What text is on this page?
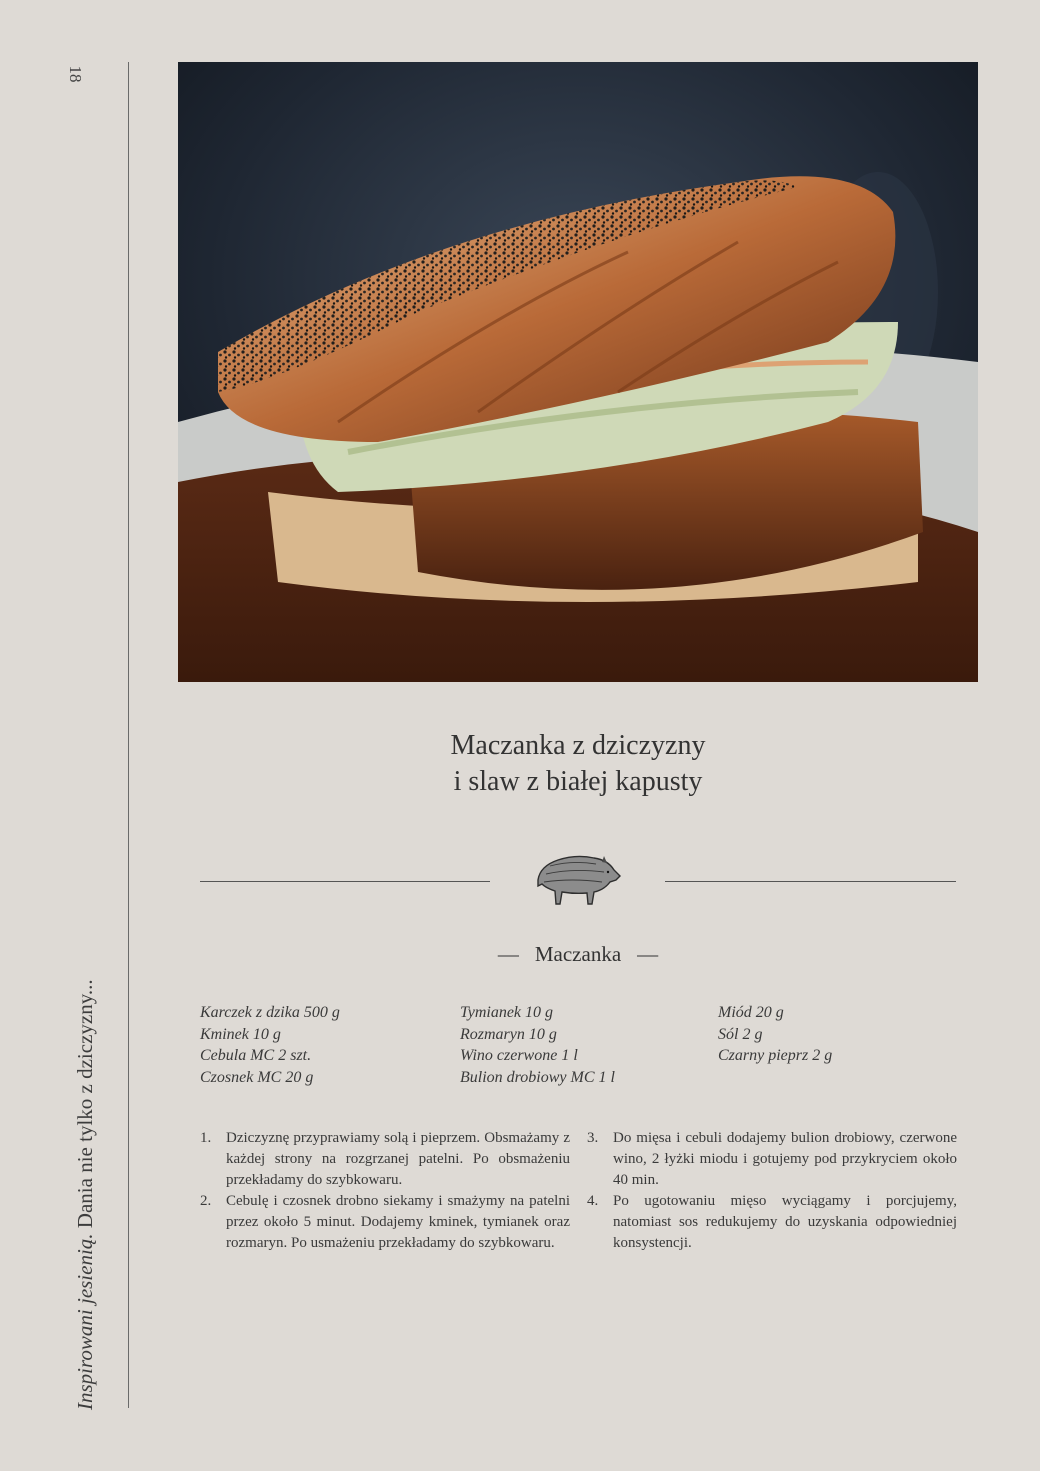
18
Inspirowani jesienią. Dania nie tylko z dziczyzny...
Maczanka z dziczyzny
i slaw z białej kapusty
— Maczanka —
Karczek z dzika 500 g
Kminek 10 g
Cebula MC 2 szt.
Czosnek MC 20 g
Tymianek 10 g
Rozmaryn 10 g
Wino czerwone 1 l
Bulion drobiowy MC 1 l
Miód 20 g
Sól 2 g
Czarny pieprz 2 g
1. Dziczyznę przyprawiamy solą i pieprzem. Obsmażamy z każdej strony na rozgrzanej patelni. Po obsmażeniu przekładamy do szybkowaru.
2. Cebulę i czosnek drobno siekamy i smażymy na patelni przez około 5 minut. Dodajemy kminek, tymianek oraz rozmaryn. Po usmażeniu przekładamy do szybkowaru.
3. Do mięsa i cebuli dodajemy bulion drobiowy, czerwone wino, 2 łyżki miodu i gotujemy pod przykryciem około 40 min.
4. Po ugotowaniu mięso wyciągamy i porcjujemy, natomiast sos redukujemy do uzyskania odpowiedniej konsystencji.
